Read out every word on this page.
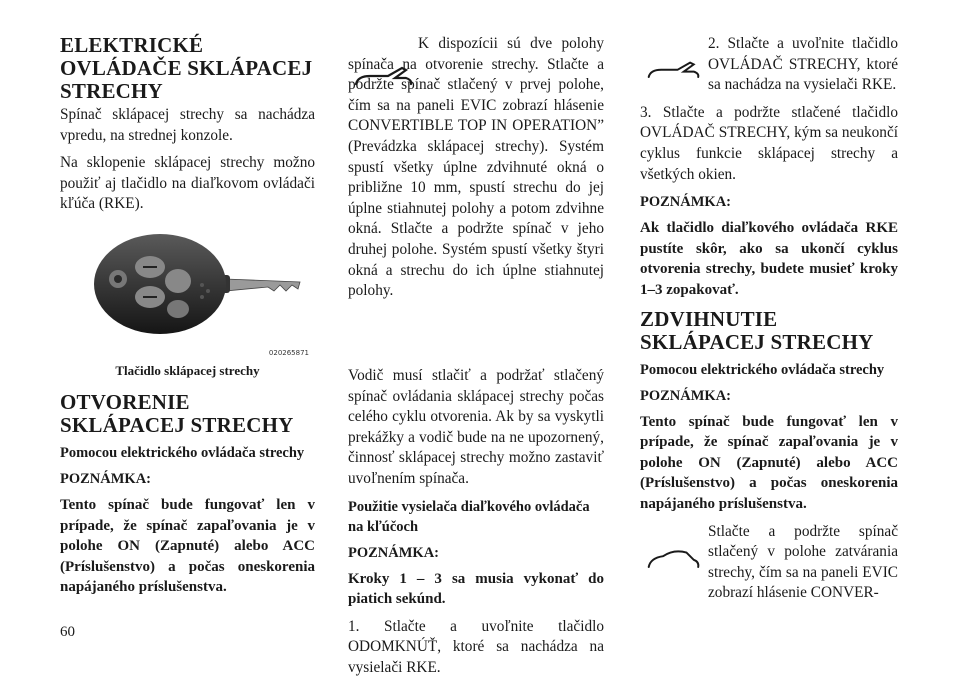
ELEKTRICKÉ OVLÁDAČE SKLÁPACEJ STRECHY

Spínač sklápacej strechy sa nachádza vpredu, na strednej konzole.

Na sklopenie sklápacej strechy možno použiť aj tlačidlo na diaľkovom ovládači kľúča (RKE).

020265871
Tlačidlo sklápacej strechy
OTVORENIE SKLÁPACEJ STRECHY
Pomocou elektrického ovládača strechy
POZNÁMKA:

Tento spínač bude fungovať len v prípade, že spínač zapaľovania je v polohe ON (Zapnuté) alebo ACC (Príslušenstvo) a počas oneskorenia napájaného príslušenstva.

K dispozícii sú dve polohy spínača na otvorenie strechy. Stlačte a podržte spínač stlačený v prvej polohe, čím sa na paneli EVIC zobrazí hlásenie CONVERTIBLE TOP IN OPERATION” (Prevádzka sklápacej strechy). Systém spustí všetky úplne zdvihnuté okná o približne 10 mm, spustí strechu do jej úplne stiahnutej polohy a potom zdvihne okná. Stlačte a podržte spínač v jeho druhej polohe. Systém spustí všetky štyri okná a strechu do ich úplne stiahnutej polohy.

Vodič musí stlačiť a podržať stlačený spínač ovládania sklápacej strechy počas celého cyklu otvorenia. Ak by sa vyskytli prekážky a vodič bude na ne upozornený, činnosť sklápacej strechy možno zastaviť uvoľnením spínača.

Použitie vysielača diaľkového ovládača na kľúčoch
POZNÁMKA:

Kroky 1 – 3 sa musia vykonať do piatich sekúnd.

1. Stlačte a uvoľnite tlačidlo ODOMKNÚŤ, ktoré sa nachádza na vysielači RKE.

2. Stlačte a uvoľnite tlačidlo OVLÁDAČ STRECHY, ktoré sa nachádza na vysielači RKE.

3. Stlačte a podržte stlačené tlačidlo OVLÁDAČ STRECHY, kým sa neukončí cyklus funkcie sklápacej strechy a všetkých okien.

POZNÁMKA:

Ak tlačidlo diaľkového ovládača RKE pustíte skôr, ako sa ukončí cyklus otvorenia strechy, budete musieť kroky 1–3 zopakovať.

ZDVIHNUTIE SKLÁPACEJ STRECHY
Pomocou elektrického ovládača strechy
POZNÁMKA:

Tento spínač bude fungovať len v prípade, že spínač zapaľovania je v polohe ON (Zapnuté) alebo ACC (Príslušenstvo) a počas oneskorenia napájaného príslušenstva.

Stlačte a podržte spínač stlačený v polohe zatvárania strechy, čím sa na paneli EVIC zobrazí hlásenie CONVER-

60
